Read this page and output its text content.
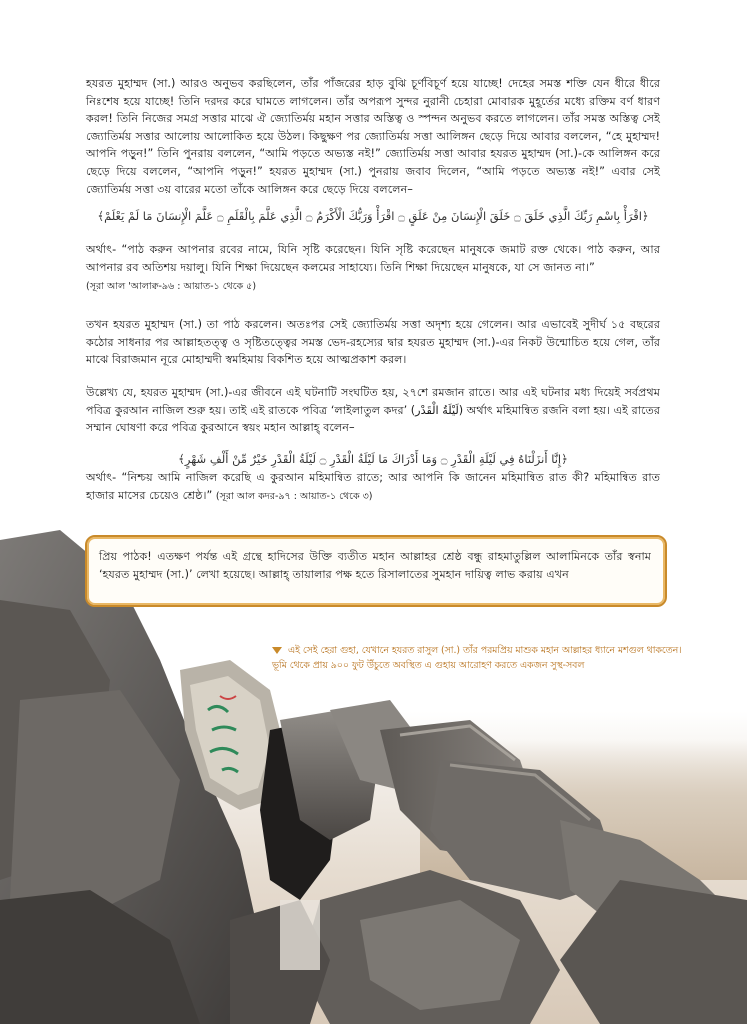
হযরত মুহাম্মদ (সা.) আরও অনুভব করছিলেন, তাঁর পাঁজরের হাড় বুঝি চূর্ণবিচূর্ণ হয়ে যাচ্ছে! দেহের সমস্ত শক্তি যেন ধীরে ধীরে নিঃশেষ হয়ে যাচ্ছে! তিনি দরদর করে ঘামতে লাগলেন। তাঁর অপরূপ সুন্দর নুরানী চেহারা মোবারক মুহূর্তের মধ্যে রক্তিম বর্ণ ধারণ করল! তিনি নিজের সমগ্র সত্তার মাঝে ঐ জ্যোতির্ময় মহান সত্তার অস্তিত্ব ও স্পন্দন অনুভব করতে লাগলেন। তাঁর সমস্ত অস্তিত্ব সেই জ্যোতির্ময় সত্তার আলোয় আলোকিত হয়ে উঠল। কিছুক্ষণ পর জ্যোতির্ময় সত্তা আলিঙ্গন ছেড়ে দিয়ে আবার বললেন, “হে মুহাম্মদ! আপনি পড়ুন!” তিনি পুনরায় বললেন, “আমি পড়তে অভ্যস্ত নই!” জ্যোতির্ময় সত্তা আবার হযরত মুহাম্মদ (সা.)-কে আলিঙ্গন করে ছেড়ে দিয়ে বললেন, “আপনি পড়ুন!” হযরত মুহাম্মদ (সা.) পুনরায় জবাব দিলেন, “আমি পড়তে অভ্যস্ত নই!” এবার সেই জ্যোতির্ময় সত্তা ৩য় বারের মতো তাঁকে আলিঙ্গন করে ছেড়ে দিয়ে বললেন–
﴿اقْرَأْ بِاسْمِ رَبِّكَ الَّذِي خَلَقَ ۝ خَلَقَ الْإِنسَانَ مِنْ عَلَقٍ ۝ اقْرَأْ وَرَبُّكَ الْأَكْرَمُ ۝ الَّذِي عَلَّمَ بِالْقَلَمِ ۝ عَلَّمَ الْإِنسَانَ مَا لَمْ يَعْلَمْ﴾
অর্থাৎ- “পাঠ করুন আপনার রবের নামে, যিনি সৃষ্টি করেছেন। যিনি সৃষ্টি করেছেন মানুষকে জমাট রক্ত থেকে। পাঠ করুন, আর আপনার রব অতিশয় দয়ালু। যিনি শিক্ষা দিয়েছেন কলমের সাহায্যে। তিনি শিক্ষা দিয়েছেন মানুষকে, যা সে জানত না।”
(সূরা আল 'আলাক্ব-৯৬ : আয়াত-১ থেকে ৫)
তখন হযরত মুহাম্মদ (সা.) তা পাঠ করলেন। অতঃপর সেই জ্যোতির্ময় সত্তা অদৃশ্য হয়ে গেলেন। আর এভাবেই সুদীর্ঘ ১৫ বছরের কঠোর সাধনার পর আল্লাহতত্ত্ব ও সৃষ্টিতত্ত্বের সমস্ত ভেদ-রহস্যের দ্বার হযরত মুহাম্মদ (সা.)-এর নিকট উন্মোচিত হয়ে গেল, তাঁর মাঝে বিরাজমান নূরে মোহাম্মদী স্বমহিমায় বিকশিত হয়ে আত্মপ্রকাশ করল।
উল্লেখ্য যে, হযরত মুহাম্মদ (সা.)-এর জীবনে এই ঘটনাটি সংঘটিত হয়, ২৭শে রমজান রাতে। আর এই ঘটনার মধ্য দিয়েই সর্বপ্রথম পবিত্র কুরআন নাজিল শুরু হয়। তাই এই রাতকে পবিত্র ‘লাইলাতুল কদর’ (لَيْلَةُ الْقَدْر) অর্থাৎ মহিমান্বিত রজনি বলা হয়। এই রাতের সম্মান ঘোষণা করে পবিত্র কুরআনে স্বয়ং মহান আল্লাহ্ বলেন–
﴿إِنَّا أَنزَلْنَاهُ فِي لَيْلَةِ الْقَدْرِ ۝ وَمَا أَدْرَاكَ مَا لَيْلَةُ الْقَدْرِ ۝ لَيْلَةُ الْقَدْرِ خَيْرٌ مِّنْ أَلْفِ شَهْرٍ﴾
অর্থাৎ- “নিশ্চয় আমি নাজিল করেছি এ কুরআন মহিমান্বিত রাতে; আর আপনি কি জানেন মহিমান্বিত রাত কী? মহিমান্বিত রাত হাজার মাসের চেয়েও শ্রেষ্ঠ।” (সূরা আল কদর-৯৭ : আয়াত-১ থেকে ৩)
প্রিয় পাঠক! এতক্ষণ পর্যন্ত এই গ্রন্থে হাদিসের উক্তি ব্যতীত মহান আল্লাহর শ্রেষ্ঠ বন্ধু রাহমাতুল্লিল আলামিনকে তাঁর স্বনাম ‘হযরত মুহাম্মদ (সা.)’ লেখা হয়েছে। আল্লাহ্ তায়ালার পক্ষ হতে রিসালাতের সুমহান দায়িত্ব লাভ করায় এখন
এই সেই হেরা গুহা, যেখানে হযরত রাসুল (সা.) তাঁর পরমপ্রিয় মাশুক মহান আল্লাহর ধ্যানে মশগুল থাকতেন। ভূমি থেকে প্রায় ৯০০ ফুট উঁচুতে অবস্থিত এ গুহায় আরোহণ করতে একজন সুস্থ-সবল
